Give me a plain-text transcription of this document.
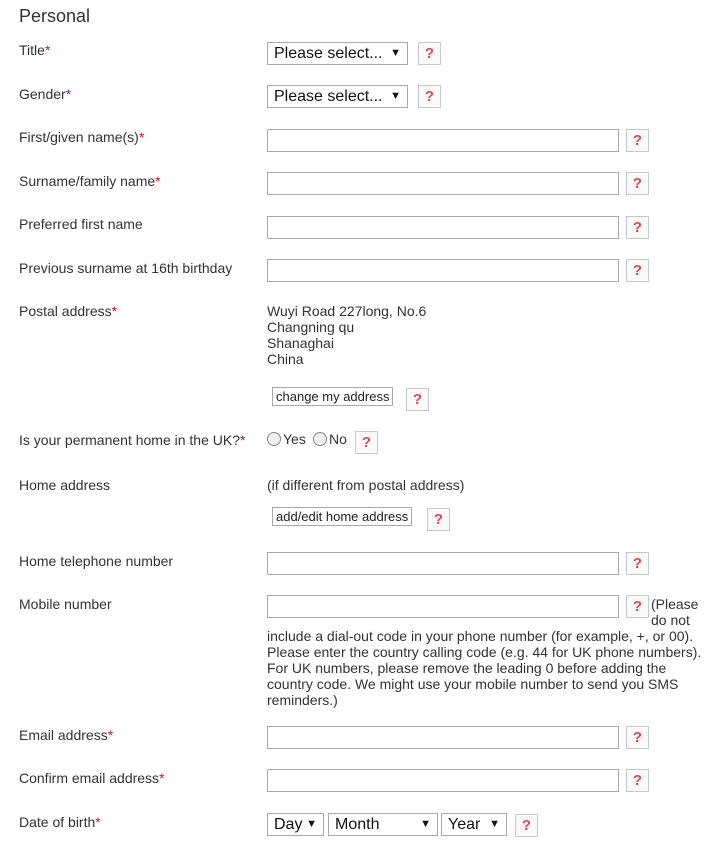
Personal
Title*	Please select... ▼	?
Gender*	Please select... ▼	?
First/given name(s)*	?
Surname/family name*	?
Preferred first name	?
Previous surname at 16th birthday	?
Postal address*	Wuyi Road 227long, No.6
Changning qu
Shanaghai
China
change my address	?
Is your permanent home in the UK?*	Yes No	?
Home address	(if different from postal address)
add/edit home address	?
Home telephone number	?
Mobile number	? (Please
do not
include a dial-out code in your phone number (for example, +, or 00).
Please enter the country calling code (e.g. 44 for UK phone numbers).
For UK numbers, please remove the leading 0 before adding the
country code. We might use your mobile number to send you SMS
reminders.)
Email address*	?
Confirm email address*	?
Date of birth*	Day ▼	Month	▼	Year ▼	?
